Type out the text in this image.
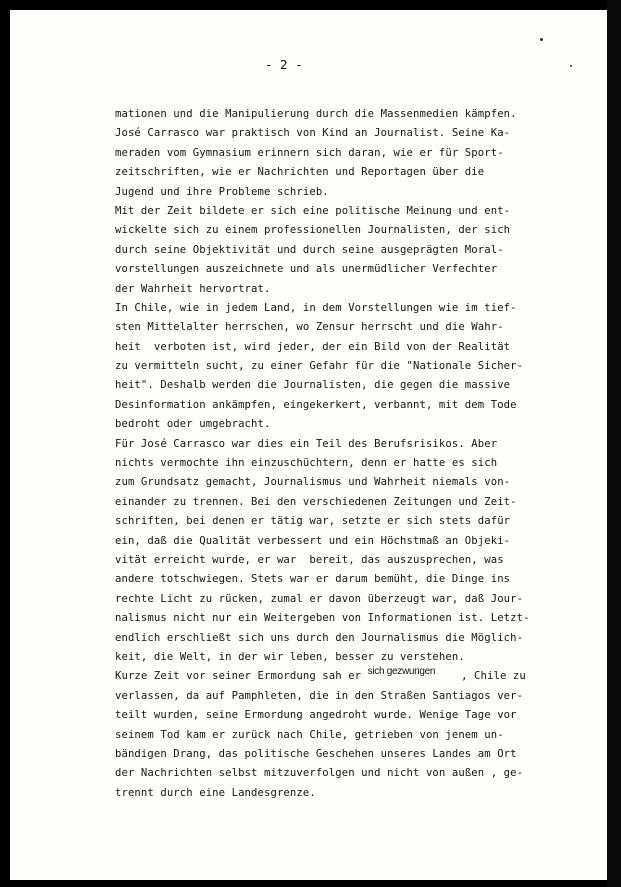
- 2 -
mationen und die Manipulierung durch die Massenmedien kämpfen.
José Carrasco war praktisch von Kind an Journalist. Seine Ka-
meraden vom Gymnasium erinnern sich daran, wie er für Sport-
zeitschriften, wie er Nachrichten und Reportagen über die
Jugend und ihre Probleme schrieb.
Mit der Zeit bildete er sich eine politische Meinung und ent-
wickelte sich zu einem professionellen Journalisten, der sich
durch seine Objektivität und durch seine ausgeprägten Moral-
vorstellungen auszeichnete und als unermüdlicher Verfechter
der Wahrheit hervortrat.
In Chile, wie in jedem Land, in dem Vorstellungen wie im tief-
sten Mittelalter herrschen, wo Zensur herrscht und die Wahr-
heit  verboten ist, wird jeder, der ein Bild von der Realität
zu vermitteln sucht, zu einer Gefahr für die "Nationale Sicher-
heit". Deshalb werden die Journalisten, die gegen die massive
Desinformation ankämpfen, eingekerkert, verbannt, mit dem Tode
bedroht oder umgebracht.
Für José Carrasco war dies ein Teil des Berufsrisikos. Aber
nichts vermochte ihn einzuschüchtern, denn er hatte es sich
zum Grundsatz gemacht, Journalismus und Wahrheit niemals von-
einander zu trennen. Bei den verschiedenen Zeitungen und Zeit-
schriften, bei denen er tätig war, setzte er sich stets dafür
ein, daß die Qualität verbessert und ein Höchstmaß an Objeki-
vität erreicht wurde, er war  bereit, das auszusprechen, was
andere totschwiegen. Stets war er darum bemüht, die Dinge ins
rechte Licht zu rücken, zumal er davon überzeugt war, daß Jour-
nalismus nicht nur ein Weitergeben von Informationen ist. Letzt-
endlich erschließt sich uns durch den Journalismus die Möglich-
keit, die Welt, in der wir leben, besser zu verstehen.
Kurze Zeit vor seiner Ermordung sah er sich gezwungen    , Chile zu
verlassen, da auf Pamphleten, die in den Straßen Santiagos ver-
teilt wurden, seine Ermordung angedroht wurde. Wenige Tage vor
seinem Tod kam er zurück nach Chile, getrieben von jenem un-
bändigen Drang, das politische Geschehen unseres Landes am Ort
der Nachrichten selbst mitzuverfolgen und nicht von außen , ge-
trennt durch eine Landesgrenze.
